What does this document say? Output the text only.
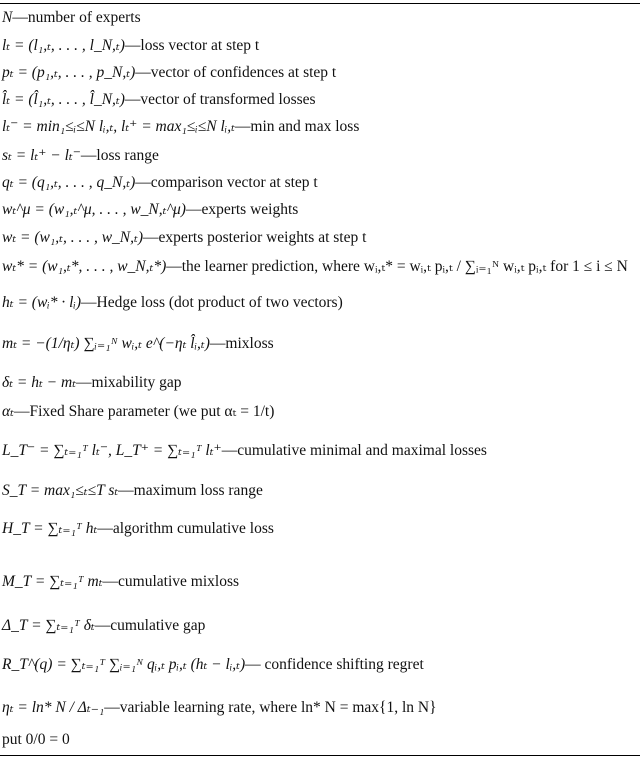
N—number of experts
lₜ = (l₁,ₜ, . . . , l_N,ₜ)—loss vector at step t
pₜ = (p₁,ₜ, . . . , p_N,ₜ)—vector of confidences at step t
l̂ₜ = (l̂₁,ₜ, . . . , l̂_N,ₜ)—vector of transformed losses
lₜ⁻ = min₁≤ᵢ≤N lᵢ,ₜ, lₜ⁺ = max₁≤ᵢ≤N lᵢ,ₜ—min and max loss
sₜ = lₜ⁺ − lₜ⁻—loss range
qₜ = (q₁,ₜ, . . . , q_N,ₜ)—comparison vector at step t
wₜ^μ = (w₁,ₜ^μ, . . . , w_N,ₜ^μ)—experts weights
wₜ = (w₁,ₜ, . . . , w_N,ₜ)—experts posterior weights at step t
wₜ* = (w₁,ₜ*, . . . , w_N,ₜ*)—the learner prediction, where wᵢ,ₜ* = wᵢ,ₜ pᵢ,ₜ / ∑ᵢ₌₁ᴺ wᵢ,ₜ pᵢ,ₜ for 1 ≤ i ≤ N
hₜ = (wᵢ* · lᵢ)—Hedge loss (dot product of two vectors)
mₜ = −(1/ηₜ) ∑ᵢ₌₁ᴺ wᵢ,ₜ e^(−ηₜ l̂ᵢ,ₜ)—mixloss
δₜ = hₜ − mₜ—mixability gap
αₜ—Fixed Share parameter (we put αₜ = 1/t)
L_T⁻ = ∑ₜ₌₁ᵀ lₜ⁻, L_T⁺ = ∑ₜ₌₁ᵀ lₜ⁺—cumulative minimal and maximal losses
S_T = max₁≤ₜ≤T sₜ—maximum loss range
H_T = ∑ₜ₌₁ᵀ hₜ—algorithm cumulative loss
M_T = ∑ₜ₌₁ᵀ mₜ—cumulative mixloss
Δ_T = ∑ₜ₌₁ᵀ δₜ—cumulative gap
R_T^(q) = ∑ₜ₌₁ᵀ ∑ᵢ₌₁ᴺ qᵢ,ₜ pᵢ,ₜ (hₜ − lᵢ,ₜ)— confidence shifting regret
ηₜ = ln* N / Δₜ₋₁—variable learning rate, where ln* N = max{1, ln N}
put 0/0 = 0
